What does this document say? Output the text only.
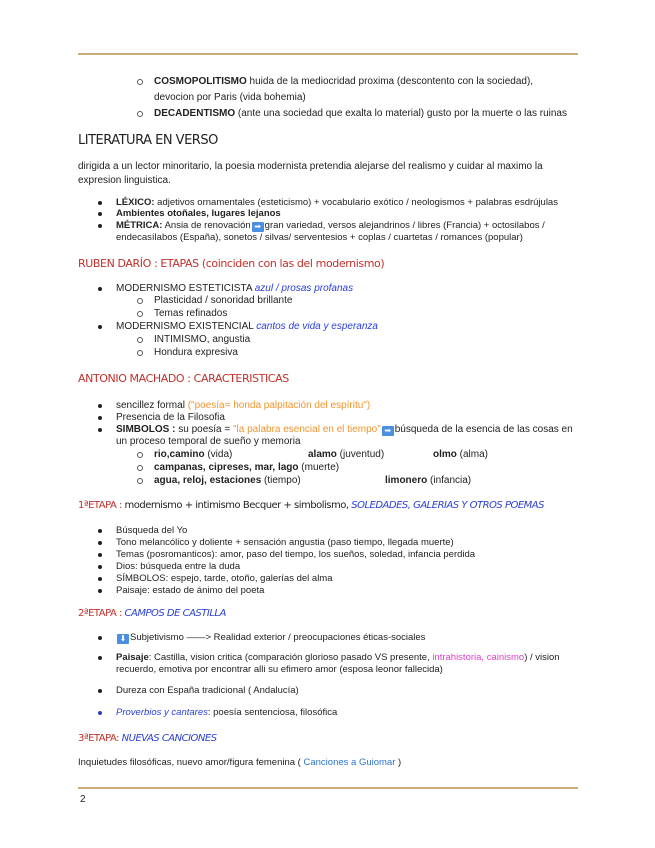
COSMOPOLITISMO huida de la mediocridad proxima (descontento con la sociedad),
devocion por Paris (vida bohemia)
DECADENTISMO (ante una sociedad que exalta lo material) gusto por la muerte o las ruinas
LITERATURA EN VERSO
dirigida a un lector minoritario, la poesia modernista pretendia alejarse del realismo y cuidar al maximo la
expresion linguistica.
LÉXICO: adjetivos ornamentales (esteticismo) + vocabulario exótico / neologismos + palabras esdrújulas
Ambientes otoñales, lugares lejanos
MÉTRICA: Ansia de renovación ➡ gran variedad, versos alejandrinos / libres (Francia) + octosilabos /
endecasílabos (España), sonetos / silvas/ serventesios + coplas / cuartetas / romances (popular)
RUBEN DARÍO : ETAPAS (coinciden con las del modernismo)
MODERNISMO ESTETICISTA azul / prosas profanas
Plasticidad / sonoridad brillante
Temas refinados
MODERNISMO EXISTENCIAL cantos de vida y esperanza
INTIMISMO, angustia
Hondura expresiva
ANTONIO MACHADO : CARACTERISTICAS
sencillez formal ("poesía= honda palpitación del espíritu")
Presencia de la Filosofia
SIMBOLOS : su poesía = "la palabra esencial en el tiempo" ➡ búsqueda de la esencia de las cosas en
un proceso temporal de sueño y memoria
rio,camino (vida)	alamo (juventud)	olmo (alma)
campanas, cipreses, mar, lago (muerte)
agua, reloj, estaciones (tiempo)	limonero (infancia)
1ªETAPA : modernismo + intimismo Becquer + simbolismo, SOLEDADES, GALERIAS Y OTROS POEMAS
Búsqueda del Yo
Tono melancólico y doliente + sensación angustia (paso tiempo, llegada muerte)
Temas (posromanticos): amor, paso del tiempo, los sueños, soledad, infancia perdida
Dios: búsqueda entre la duda
SÍMBOLOS: espejo, tarde, otoño, galerías del alma
Paisaje: estado de ánimo del poeta
2ªETAPA : CAMPOS DE CASTILLA
⬇ Subjetivismo ——> Realidad exterior / preocupaciones éticas-sociales
Paisaje: Castilla, vision critica (comparación glorioso pasado VS presente, intrahistoria, cainismo) / vision
recuerdo, emotiva por encontrar alli su efimero amor (esposa leonor fallecida)
Dureza con España tradicional ( Andalucía)
Proverbios y cantares: poesía sentenciosa, filosófica
3ªETAPA: NUEVAS CANCIONES
Inquietudes filosóficas, nuevo amor/figura femenina ( Canciones a Guiomar )
2
